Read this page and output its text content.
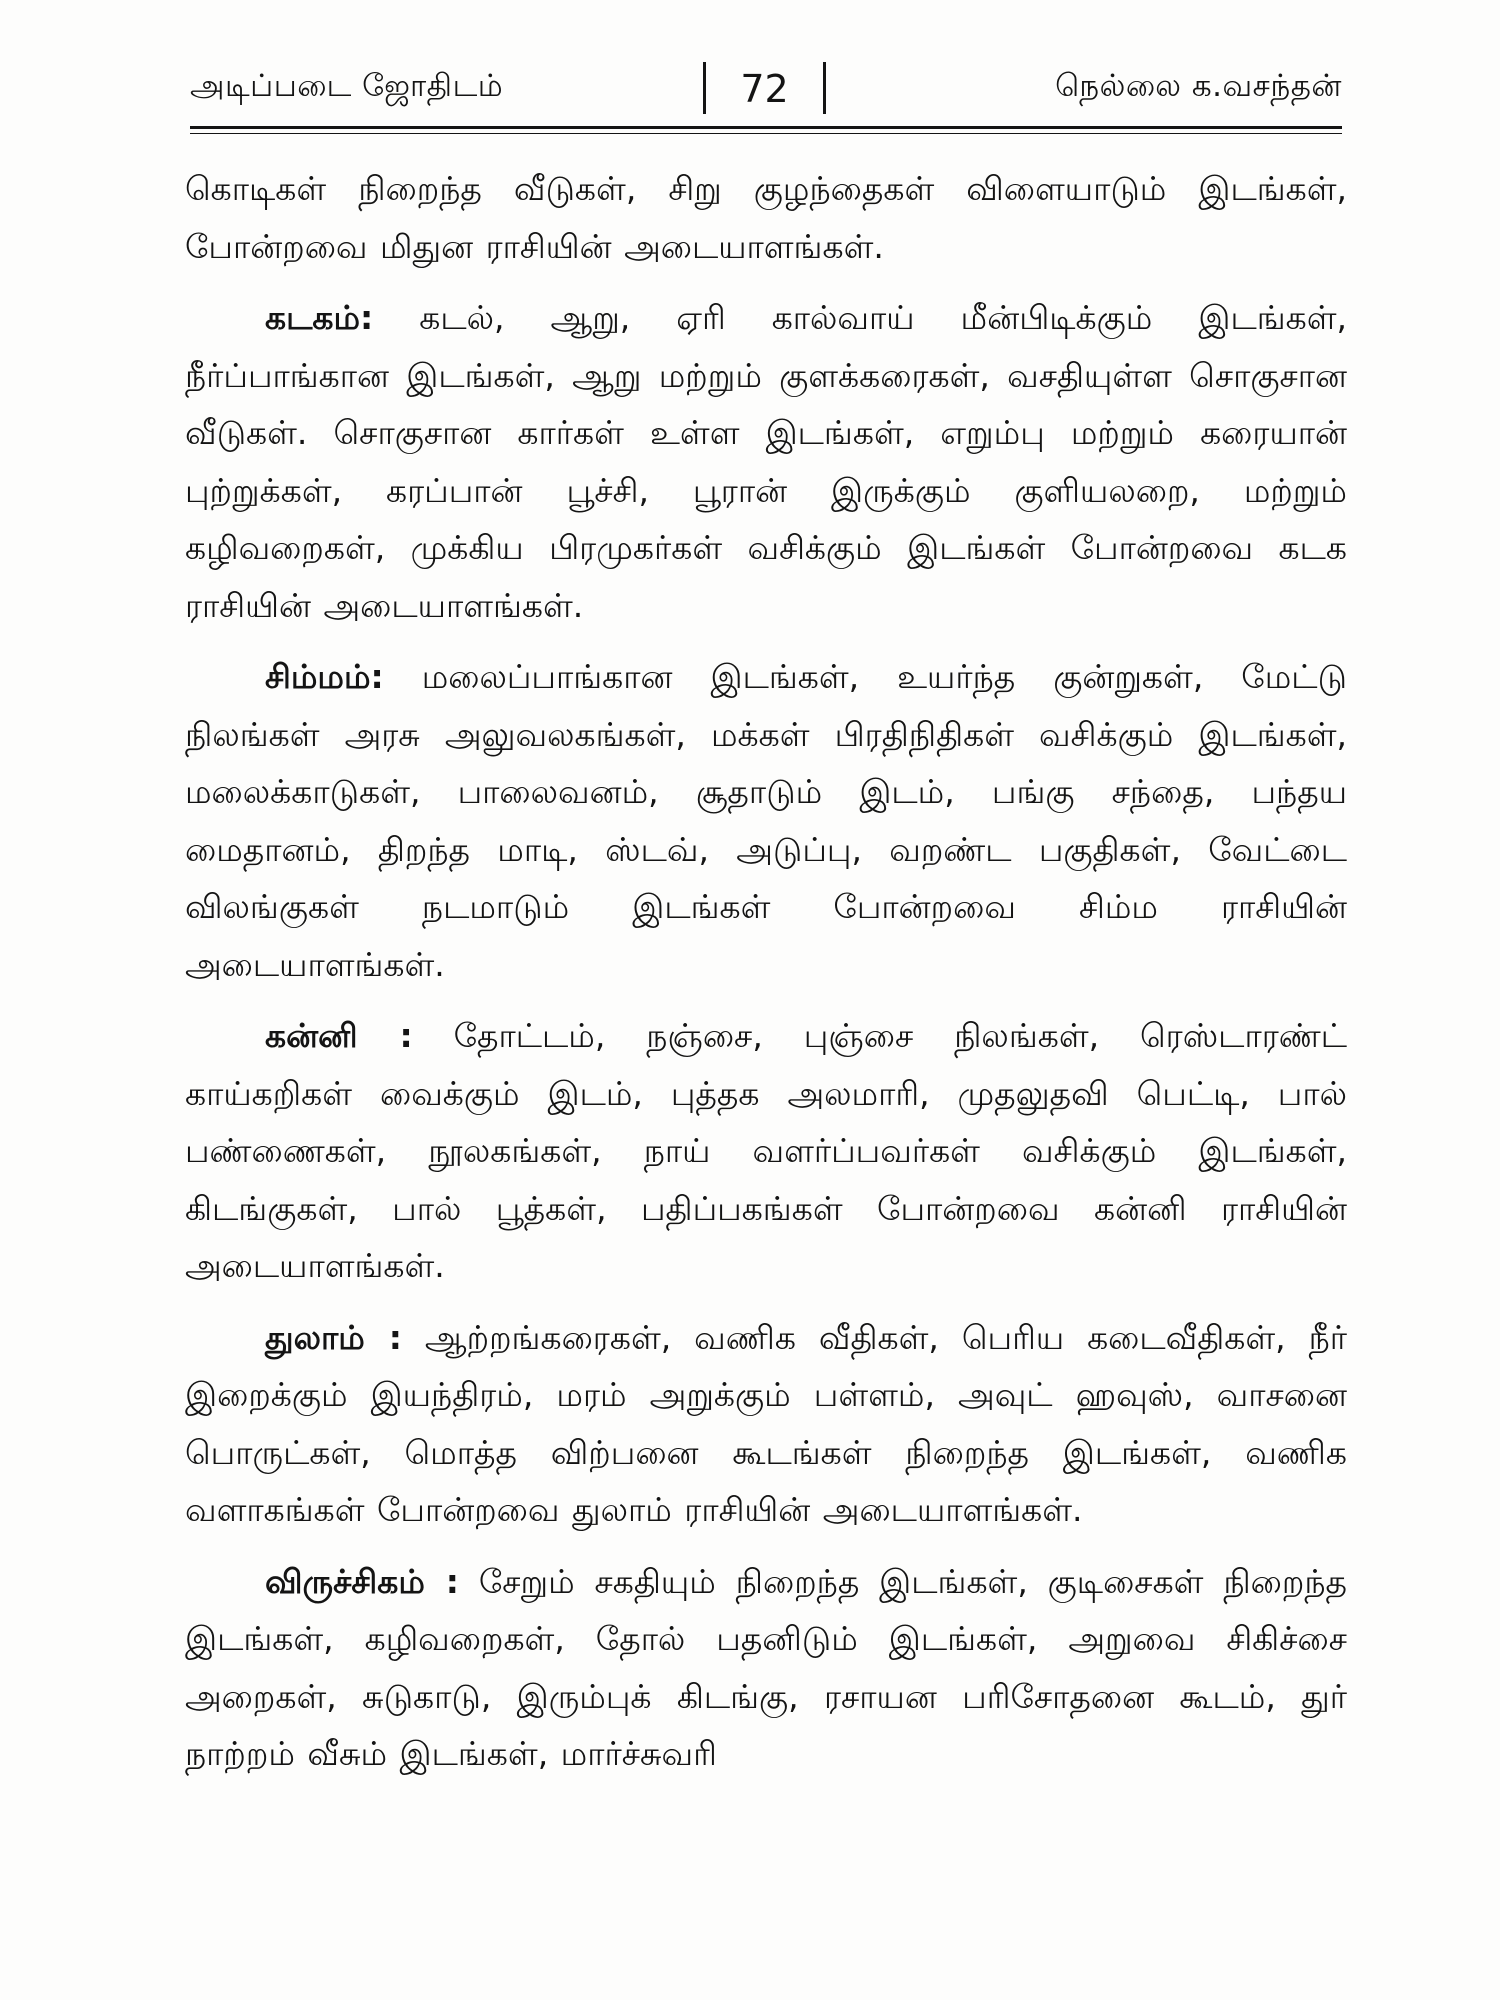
அடிப்படை ஜோதிடம்	72	நெல்லை க.வசந்தன்

கொடிகள் நிறைந்த வீடுகள், சிறு குழந்தைகள் விளையாடும் இடங்கள், போன்றவை மிதுன ராசியின் அடையாளங்கள்.

கடகம்: கடல், ஆறு, ஏரி கால்வாய் மீன்பிடிக்கும் இடங்கள், நீர்ப்பாங்கான இடங்கள், ஆறு மற்றும் குளக்கரைகள், வசதியுள்ள சொகுசான வீடுகள். சொகுசான கார்கள் உள்ள இடங்கள், எறும்பு மற்றும் கரையான் புற்றுக்கள், கரப்பான் பூச்சி, பூரான் இருக்கும் குளியலறை, மற்றும் கழிவறைகள், முக்கிய பிரமுகர்கள் வசிக்கும் இடங்கள் போன்றவை கடக ராசியின் அடையாளங்கள்.

சிம்மம்: மலைப்பாங்கான இடங்கள், உயர்ந்த குன்றுகள், மேட்டு நிலங்கள் அரசு அலுவலகங்கள், மக்கள் பிரதிநிதிகள் வசிக்கும் இடங்கள், மலைக்காடுகள், பாலைவனம், சூதாடும் இடம், பங்கு சந்தை, பந்தய மைதானம், திறந்த மாடி, ஸ்டவ், அடுப்பு, வறண்ட பகுதிகள், வேட்டை விலங்குகள் நடமாடும் இடங்கள் போன்றவை சிம்ம ராசியின் அடையாளங்கள்.

கன்னி : தோட்டம், நஞ்சை, புஞ்சை நிலங்கள், ரெஸ்டாரண்ட் காய்கறிகள் வைக்கும் இடம், புத்தக அலமாரி, முதலுதவி பெட்டி, பால் பண்ணைகள், நூலகங்கள், நாய் வளர்ப்பவர்கள் வசிக்கும் இடங்கள், கிடங்குகள், பால் பூத்கள், பதிப்பகங்கள் போன்றவை கன்னி ராசியின் அடையாளங்கள்.

துலாம் : ஆற்றங்கரைகள், வணிக வீதிகள், பெரிய கடைவீதிகள், நீர் இறைக்கும் இயந்திரம், மரம் அறுக்கும் பள்ளம், அவுட் ஹவுஸ், வாசனை பொருட்கள், மொத்த விற்பனை கூடங்கள் நிறைந்த இடங்கள், வணிக வளாகங்கள் போன்றவை துலாம் ராசியின் அடையாளங்கள்.

விருச்சிகம் : சேறும் சகதியும் நிறைந்த இடங்கள், குடிசைகள் நிறைந்த இடங்கள், கழிவறைகள், தோல் பதனிடும் இடங்கள், அறுவை சிகிச்சை அறைகள், சுடுகாடு, இரும்புக் கிடங்கு, ரசாயன பரிசோதனை கூடம், துர் நாற்றம் வீசும் இடங்கள், மார்ச்சுவரி
